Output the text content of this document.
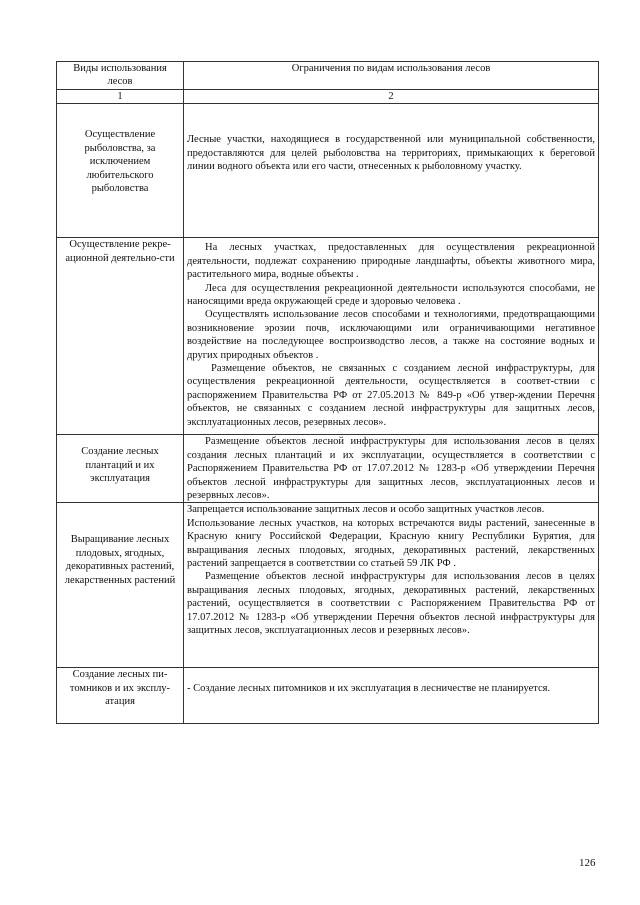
Виды использования лесов	Ограничения по видам использования лесов
1	2
Осуществление рыболовства, за исключением любительского рыболовства	Лесные участки, находящиеся в государственной или муниципальной собственности, предоставляются для целей рыболовства на территориях, примыкающих к береговой линии водного объекта или его части, отнесенных к рыболовному участку.

Осуществление рекре-ационной деятельно-сти	На лесных участках, предоставленных для осуществления рекреационной деятельности, подлежат сохранению природные ландшафты, объекты животного мира, растительного мира, водные объекты .

Леса для осуществления рекреационной деятельности используются способами, не наносящими вреда окружающей среде и здоровью человека .

Осуществлять использование лесов способами и технологиями, предотвращающими возникновение эрозии почв, исключающими или ограничивающими негативное воздействие на последующее воспроизводство лесов, а также на состояние водных и других природных объектов .

Размещение объектов, не связанных с созданием лесной инфраструктуры, для осуществления рекреационной деятельности, осуществляется в соответ-ствии с распоряжением Правительства РФ от 27.05.2013 № 849-р «Об утвер-ждении Перечня объектов, не связанных с созданием лесной инфраструктуры для защитных лесов, эксплуатационных лесов, резервных лесов».

Создание лесных плантаций и их эксплуатация	Размещение объектов лесной инфраструктуры для использования лесов в целях создания лесных плантаций и их эксплуатации, осуществляется в соответствии с Распоряжением Правительства РФ от 17.07.2012 № 1283-р «Об утверждении Перечня объектов лесной инфраструктуры для защитных лесов, эксплуатационных лесов и резервных лесов».

Выращивание лесных плодовых, ягодных, декоративных растений, лекарственных растений	Запрещается использование защитных лесов и особо защитных участков лесов.

Использование лесных участков, на которых встречаются виды растений, занесенные в Красную книгу Российской Федерации, Красную книгу Республики Бурятия, для выращивания лесных плодовых, ягодных, декоративных растений, лекарственных растений запрещается в соответствии со статьей 59 ЛК РФ .

Размещение объектов лесной инфраструктуры для использования лесов в целях выращивания лесных плодовых, ягодных, декоративных растений, лекарственных растений, осуществляется в соответствии с Распоряжением Правительства РФ от 17.07.2012 № 1283-р «Об утверждении Перечня объектов лесной инфраструктуры для защитных лесов, эксплуатационных лесов и резервных лесов».

Создание лесных пи-томников и их эксплу-атация	- Создание лесных питомников и их эксплуатация в лесничестве не планируется.

126
